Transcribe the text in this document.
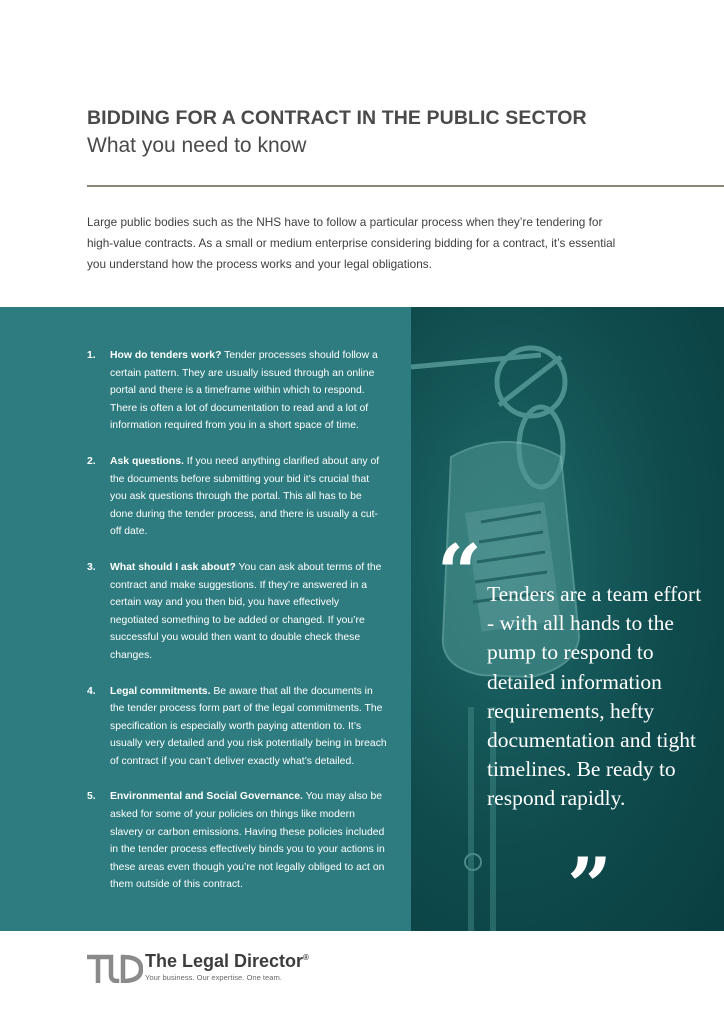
BIDDING FOR A CONTRACT IN THE PUBLIC SECTOR
What you need to know

Large public bodies such as the NHS have to follow a particular process when they’re tendering for high-value contracts. As a small or medium enterprise considering bidding for a contract, it’s essential you understand how the process works and your legal obligations.

1. How do tenders work? Tender processes should follow a certain pattern. They are usually issued through an online portal and there is a timeframe within which to respond. There is often a lot of documentation to read and a lot of information required from you in a short space of time.
2. Ask questions. If you need anything clarified about any of the documents before submitting your bid it’s crucial that you ask questions through the portal. This all has to be done during the tender process, and there is usually a cut-off date.
3. What should I ask about? You can ask about terms of the contract and make suggestions. If they’re answered in a certain way and you then bid, you have effectively negotiated something to be added or changed. If you’re successful you would then want to double check these changes.
4. Legal commitments. Be aware that all the documents in the tender process form part of the legal commitments. The specification is especially worth paying attention to. It’s usually very detailed and you risk potentially being in breach of contract if you can’t deliver exactly what’s detailed.
5. Environmental and Social Governance. You may also be asked for some of your policies on things like modern slavery or carbon emissions. Having these policies included in the tender process effectively binds you to your actions in these areas even though you’re not legally obliged to act on them outside of this contract.
“ Tenders are a team effort - with all hands to the pump to respond to detailed information requirements, hefty documentation and tight timelines. Be ready to respond rapidly.

”
The Legal Director®
Your business. Our expertise. One team.
